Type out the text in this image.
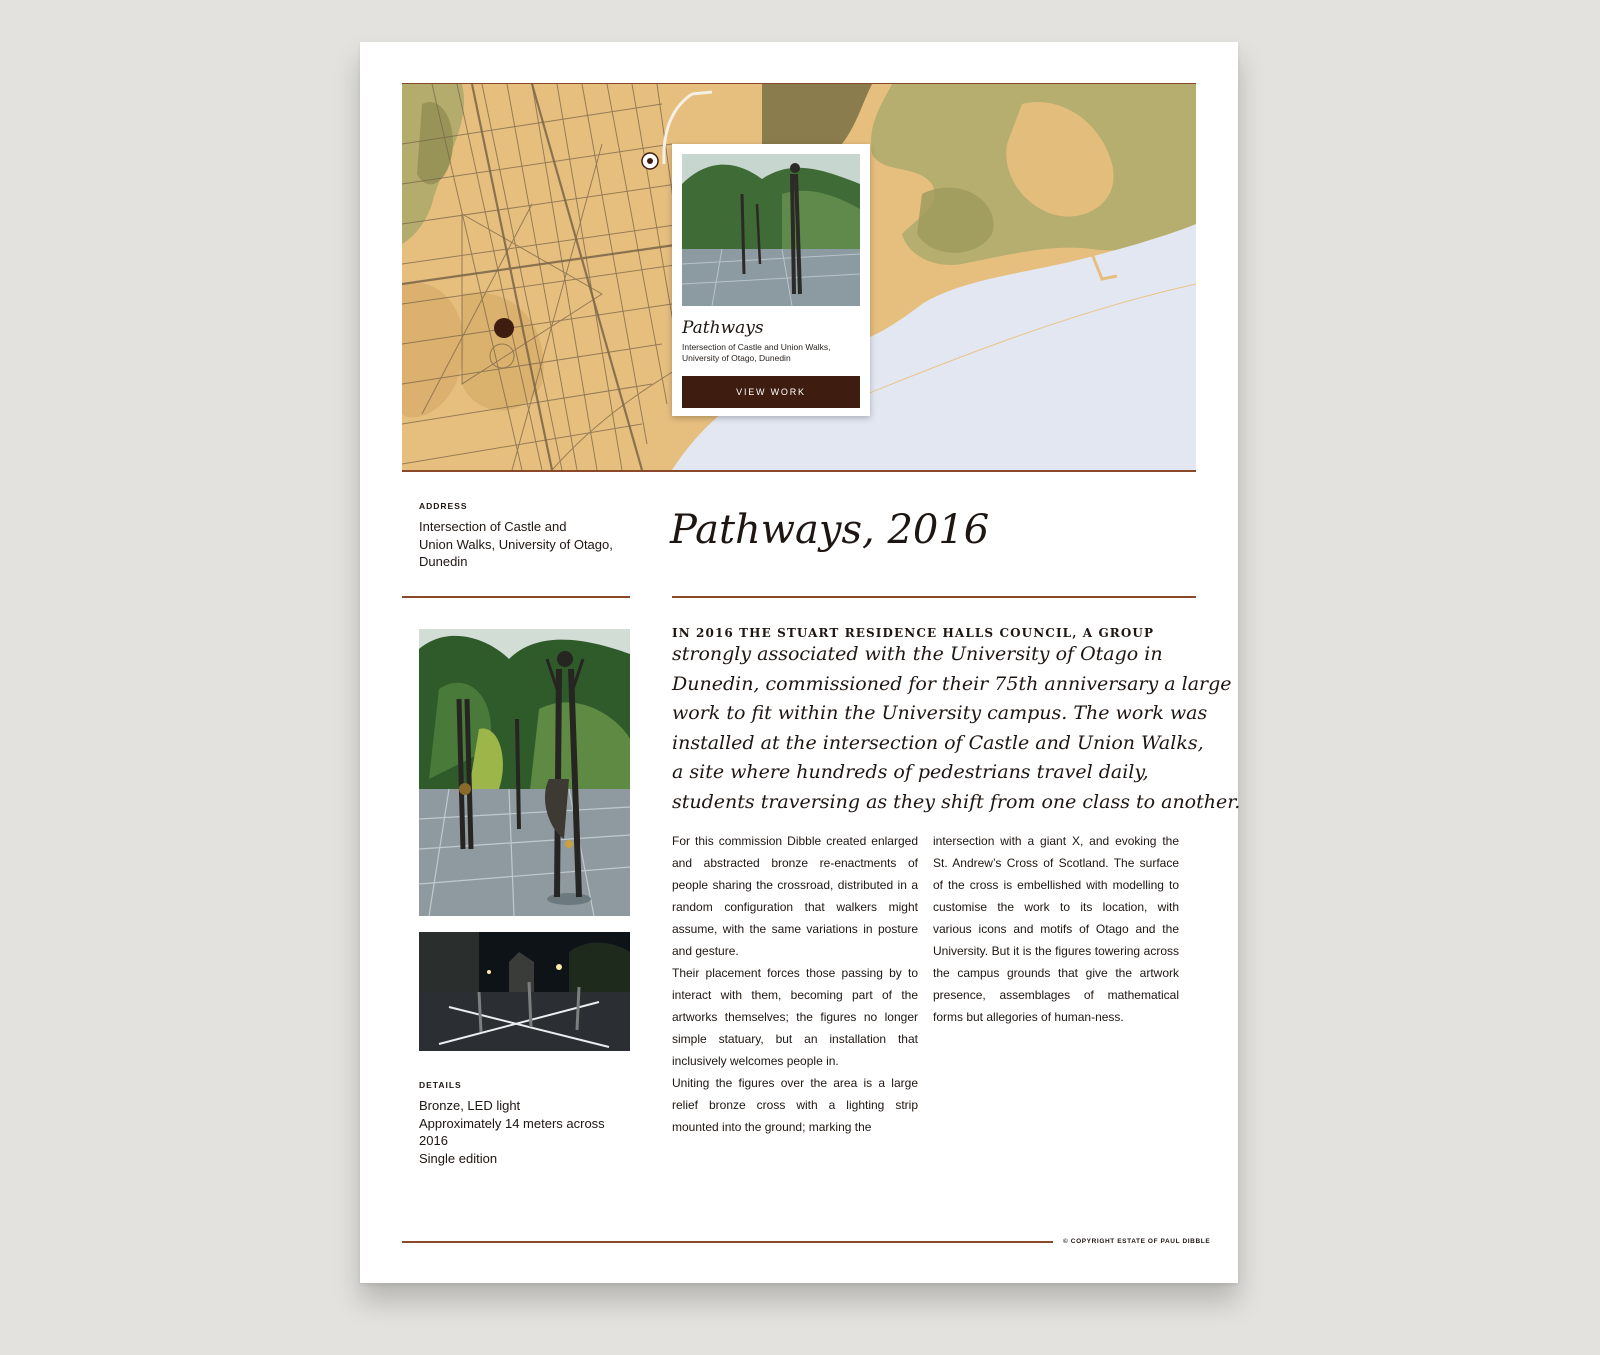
Pathways
Intersection of Castle and Union Walks, University of Otago, Dunedin
VIEW WORK
ADDRESS
Intersection of Castle and
Union Walks, University of Otago,
Dunedin
Pathways, 2016
DETAILS
Bronze, LED light
Approximately 14 meters across
2016
Single edition
IN 2016 THE STUART RESIDENCE HALLS COUNCIL, A GROUP
strongly associated with the University of Otago in
Dunedin, commissioned for their 75th anniversary a large
work to fit within the University campus. The work was
installed at the intersection of Castle and Union Walks,
a site where hundreds of pedestrians travel daily,
students traversing as they shift from one class to another.

For this commission Dibble created enlarged and abstracted bronze re-enactments of people sharing the crossroad, distributed in a random configuration that walkers might assume, with the same variations in posture and gesture.

Their placement forces those passing by to interact with them, becoming part of the artworks themselves; the figures no longer simple statuary, but an installation that inclusively welcomes people in.

Uniting the figures over the area is a large relief bronze cross with a lighting strip mounted into the ground; marking the

intersection with a giant X, and evoking the St. Andrew’s Cross of Scotland. The surface of the cross is embellished with modelling to customise the work to its location, with various icons and motifs of Otago and the University. But it is the figures towering across the campus grounds that give the artwork presence, assemblages of mathematical forms but allegories of human-ness.

© COPYRIGHT ESTATE OF PAUL DIBBLE
